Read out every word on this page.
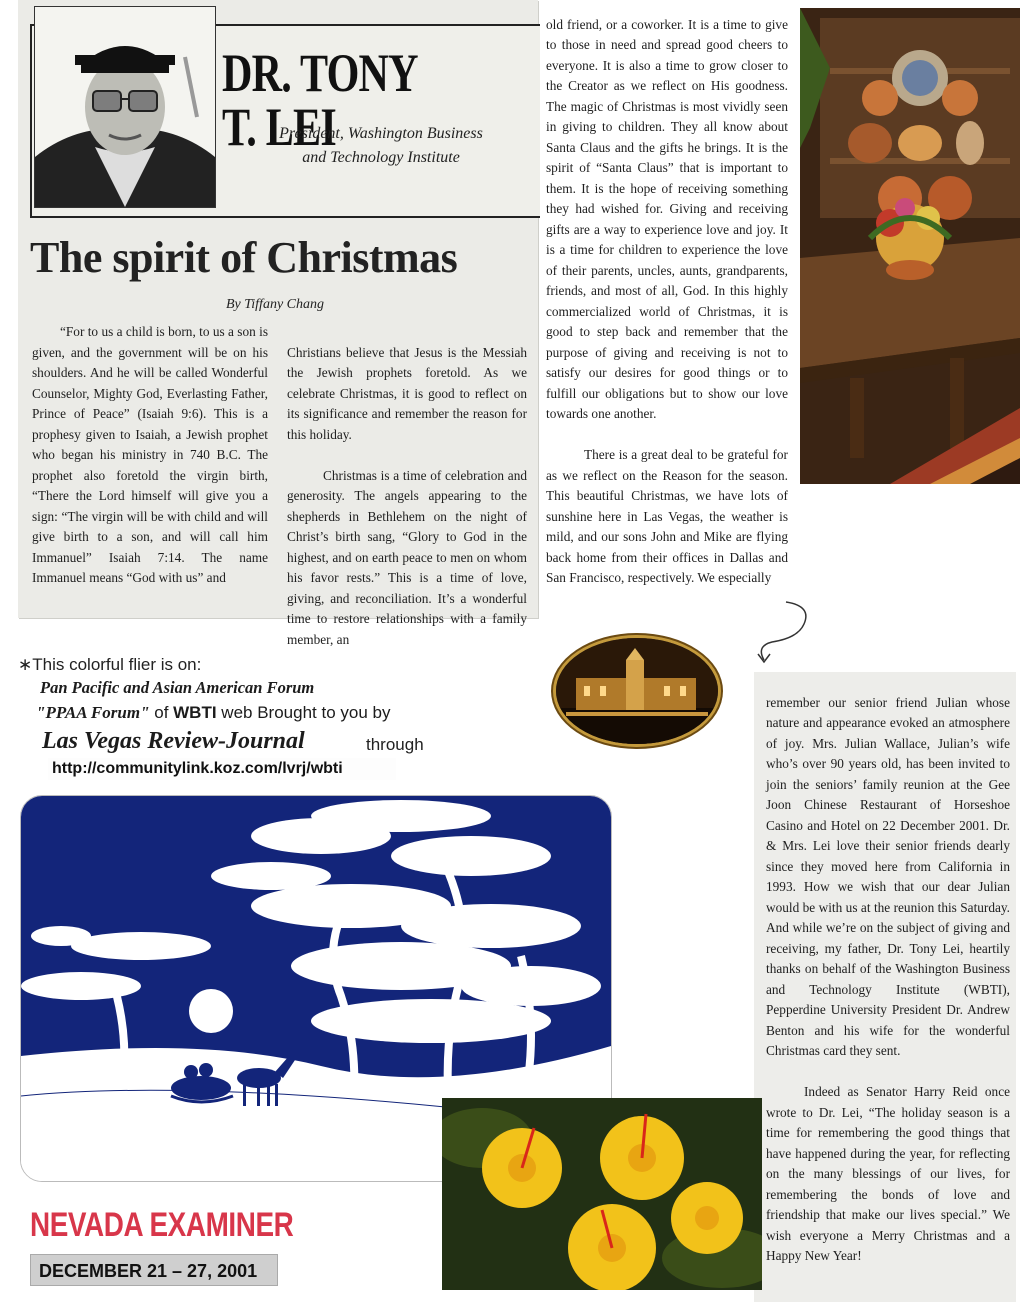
DR. TONY T. LEI
President, Washington Business
and Technology Institute
The spirit of Christmas
By Tiffany Chang
“For to us a child is born, to us a son is given, and the government will be on his shoulders. And he will be called Wonderful Counselor, Mighty God, Everlasting Father, Prince of Peace” (Isaiah 9:6). This is a prophesy given to Isaiah, a Jewish prophet who began his ministry in 740 B.C. The prophet also foretold the virgin birth, “There the Lord himself will give you a sign: “The virgin will be with child and will give birth to a son, and will call him Immanuel” Isaiah 7:14. The name Immanuel means “God with us” and

Christians believe that Jesus is the Messiah the Jewish prophets foretold. As we celebrate Christmas, it is good to reflect on its significance and remember the reason for this holiday.

Christmas is a time of celebration and generosity. The angels appearing to the shepherds in Bethlehem on the night of Christ’s birth sang, “Glory to God in the highest, and on earth peace to men on whom his favor rests.” This is a time of love, giving, and reconciliation. It’s a wonderful time to restore relationships with a family member, an

old friend, or a coworker. It is a time to give to those in need and spread good cheers to everyone. It is also a time to grow closer to the Creator as we reflect on His goodness. The magic of Christmas is most vividly seen in giving to children. They all know about Santa Claus and the gifts he brings. It is the spirit of “Santa Claus” that is important to them. It is the hope of receiving something they had wished for. Giving and receiving gifts are a way to experience love and joy. It is a time for children to experience the love of their parents, uncles, aunts, grandparents, friends, and most of all, God. In this highly commercialized world of Christmas, it is good to step back and remember that the purpose of giving and receiving is not to satisfy our desires for good things or to fulfill our obligations but to show our love towards one another.

There is a great deal to be grateful for as we reflect on the Reason for the season. This beautiful Christmas, we have lots of sunshine here in Las Vegas, the weather is mild, and our sons John and Mike are flying back home from their offices in Dallas and San Francisco, respectively. We especially

∗This colorful flier is on:
Pan Pacific and Asian American Forum
"PPAA Forum" of WBTI web Brought to you by
Las Vegas Review-Journal	through
http://communitylink.koz.com/lvrj/wbti

remember our senior friend Julian whose nature and appearance evoked an atmosphere of joy. Mrs. Julian Wallace, Julian’s wife who’s over 90 years old, has been invited to join the seniors’ family reunion at the Gee Joon Chinese Restaurant of Horseshoe Casino and Hotel on 22 December 2001. Dr. & Mrs. Lei love their senior friends dearly since they moved here from California in 1993. How we wish that our dear Julian would be with us at the reunion this Saturday. And while we’re on the subject of giving and receiving, my father, Dr. Tony Lei, heartily thanks on behalf of the Washington Business and Technology Institute (WBTI), Pepperdine University President Dr. Andrew Benton and his wife for the wonderful Christmas card they sent.

Indeed as Senator Harry Reid once wrote to Dr. Lei, “The holiday season is a time for remembering the good things that have happened during the year, for reflecting on the many blessings of our lives, for remembering the bonds of love and friendship that make our lives special.” We wish everyone a Merry Christmas and a Happy New Year!

NEVADA EXAMINER
DECEMBER 21 – 27, 2001
